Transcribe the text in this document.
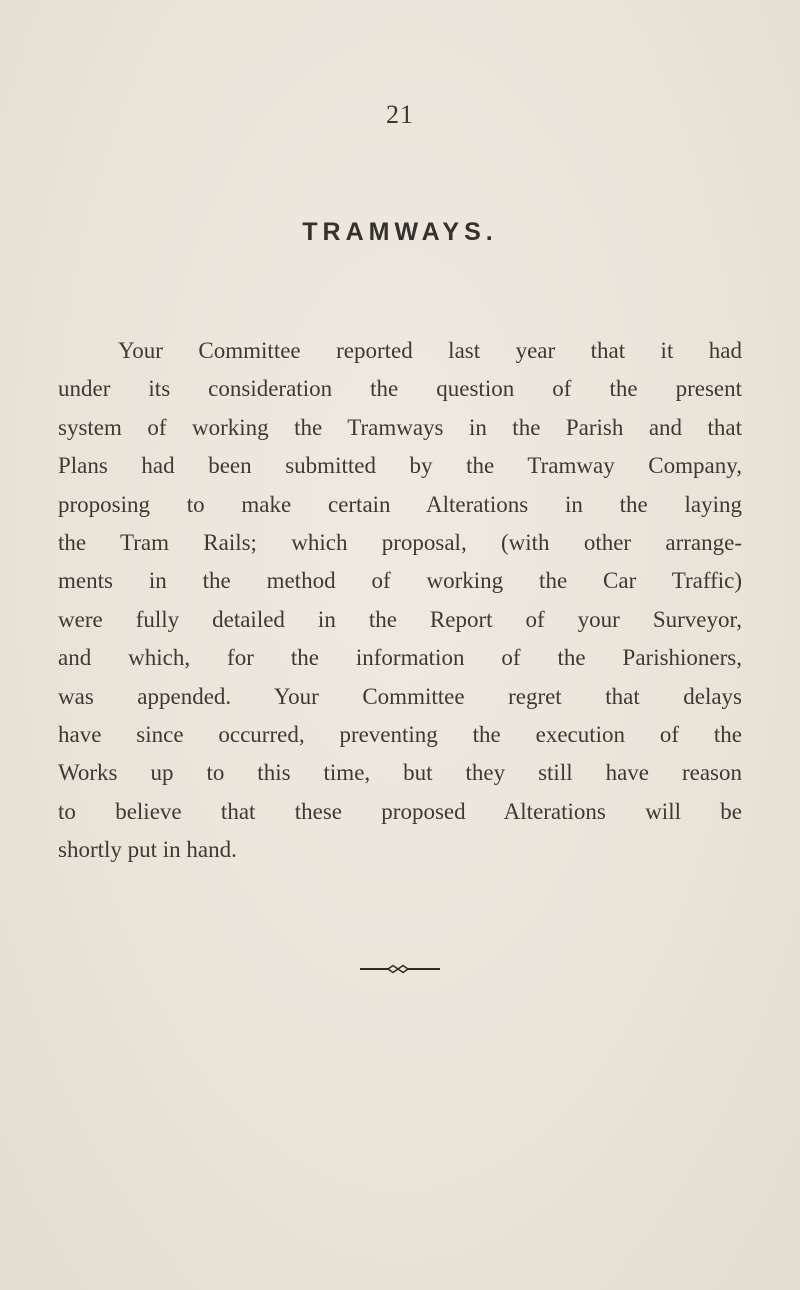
21
TRAMWAYS.

Your Committee reported last year that it had
under its consideration the question of the present
system of working the Tramways in the Parish and that
Plans had been submitted by the Tramway Company,
proposing to make certain Alterations in the laying
the Tram Rails; which proposal, (with other arrange-
ments in the method of working the Car Traffic)
were fully detailed in the Report of your Surveyor,
and which, for the information of the Parishioners,
was appended. Your Committee regret that delays
have since occurred, preventing the execution of the
Works up to this time, but they still have reason
to believe that these proposed Alterations will be
shortly put in hand.
